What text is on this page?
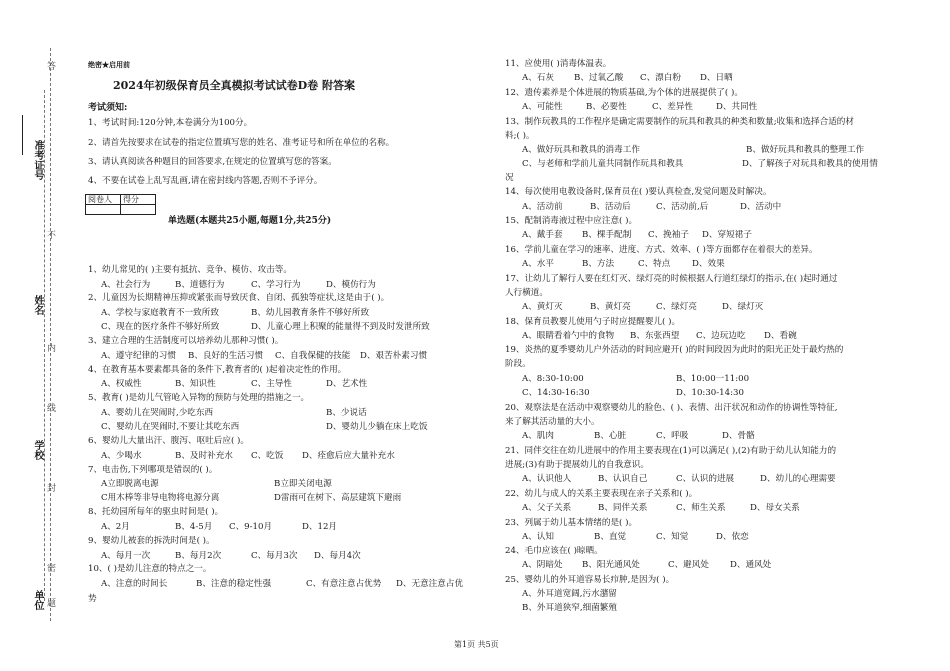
准考证号
姓名
学校
单位
答
不
内
线
封
密
题
绝密★启用前
2024年初级保育员全真模拟考试试卷D卷 附答案
考试须知:
1、考试时间:120分钟,本卷满分为100分。
2、请首先按要求在试卷的指定位置填写您的姓名、准考证号和所在单位的名称。
3、请认真阅读各种题目的回答要求,在规定的位置填写您的答案。
4、不要在试卷上乱写乱画,请在密封线内答题,否则不予评分。
阅卷人	得分

单选题(本题共25小题,每题1分,共25分)
1、幼儿常见的( )主要有抵抗、竞争、模仿、攻击等。
A、社会行为	B、道德行为	C、学习行为	D、模仿行为
2、儿童因为长期精神压抑或紧张而导致厌食、自闭、孤独等症状,这是由于( )。
A、学校与家庭教育不一致所致	B、幼儿园教育条件不够好所致
C、现在的医疗条件不够好所致	D、儿童心理上积聚的能量得不到及时发泄所致
3、建立合理的生活制度可以培养幼儿那种习惯( )。
A、遵守纪律的习惯 B、良好的生活习惯 C、自我保健的技能 D、艰苦朴素习惯
4、在教育基本要素都具备的条件下,教育者的( )起着决定性的作用。
A、权威性	B、知识性	C、主导性	D、艺术性
5、教育( )是幼儿气管呛入异物的预防与处理的措施之一。
A、婴幼儿在哭闹时,少吃东西	B、少说话
C、婴幼儿在哭闹时,不要让其吃东西	D、婴幼儿少躺在床上吃饭
6、婴幼儿大量出汗、腹泻、呕吐后应( )。
A、少喝水	B、及时补充水 C、吃饭 D、痊愈后应大量补充水
7、电击伤,下列哪项是错误的( )。
A立即脱离电源	B立即关闭电源
C用木棒等非导电物将电源分离	D雷雨可在树下、高层建筑下避雨
8、托幼园所每年的驱虫时间是( )。
A、2月	B、4-5月 C、9-10月	D、12月
9、婴幼儿被套的拆洗时间是( )。
A、每月一次	B、每月2次	C、每月3次 D、每月4次
10、( )是幼儿注意的特点之一。
A、注意的时间长	B、注意的稳定性强	C、有意注意占优势 D、无意注意占优
势
11、应使用( )消毒体温表。
A、石灰 B、过氧乙酸 C、漂白粉 D、日晒
12、遗传素养是个体进展的物质基础,为个体的进展提供了( )。
A、可能性	B、必要性	C、差异性	D、共同性
13、制作玩教具的工作程序是确定需要制作的玩具和教具的种类和数量;收集和选择合适的材
料;( )。
A、做好玩具和教具的消毒工作	B、做好玩具和教具的整理工作
C、与老师和学前儿童共同制作玩具和教具	D、了解孩子对玩具和教具的使用情
况
14、每次使用电教设备时,保育员在( )要认真检查,发觉问题及时解决。
A、活动前	B、活动后	C、活动前,后	D、活动中
15、配制消毒液过程中应注意( )。
A、戴手套 B、棵手配制 C、挽袖子 D、穿短裙子
16、学前儿童在学习的速率、进度、方式、效率、( )等方面都存在着很大的差异。
A、水平	B、方法	C、特点	D、效果
17、让幼儿了解行人要在红灯灭、绿灯亮的时候根据人行道红绿灯的指示,在( )起时通过
人行横道。
A、黄灯灭	B、黄灯亮	C、绿灯亮	D、绿灯灭
18、保育员教婴儿使用勺子时应提醒婴儿( )。
A、眼睛看着勺中的食物 B、东张西望 C、边玩边吃 D、看碗
19、炎热的夏季婴幼儿户外活动的时间应避开( )的时间段因为此时的阳光正处于最灼热的
阶段。
A、8:30-10:00	B、10:00一11:00
C、14:30-16:30	D、10:30-14:30
20、观察法是在活动中观察婴幼儿的脸色、( )、表情、出汗状况和动作的协调性等特征,
来了解其活动量的大小。
A、肌肉	B、心脏	C、呼吸	D、骨骼
21、同伴交往在幼儿进展中的作用主要表现在(1)可以满足( ),(2)有助于幼儿认知能力的
进展;(3)有助于提展幼儿的自我意识。
A、认识他人	B、认识自己	C、认识的进展	D、幼儿的心理需要
22、幼儿与成人的关系主要表现在亲子关系和( )。
A、父子关系	B、同伴关系	C、师生关系	D、母女关系
23、列属于幼儿基本情绪的是( )。
A、认知	B、直觉	C、知觉	D、依恋
24、毛巾应该在( )晾晒。
A、阴暗处 B、阳光通风处	C、避风处 D、通风处
25、婴幼儿的外耳道容易长疖肿,是因为( )。
A、外耳道宽阔,污水潴留
B、外耳道狭窄,细菌繁殖
第1页 共5页
